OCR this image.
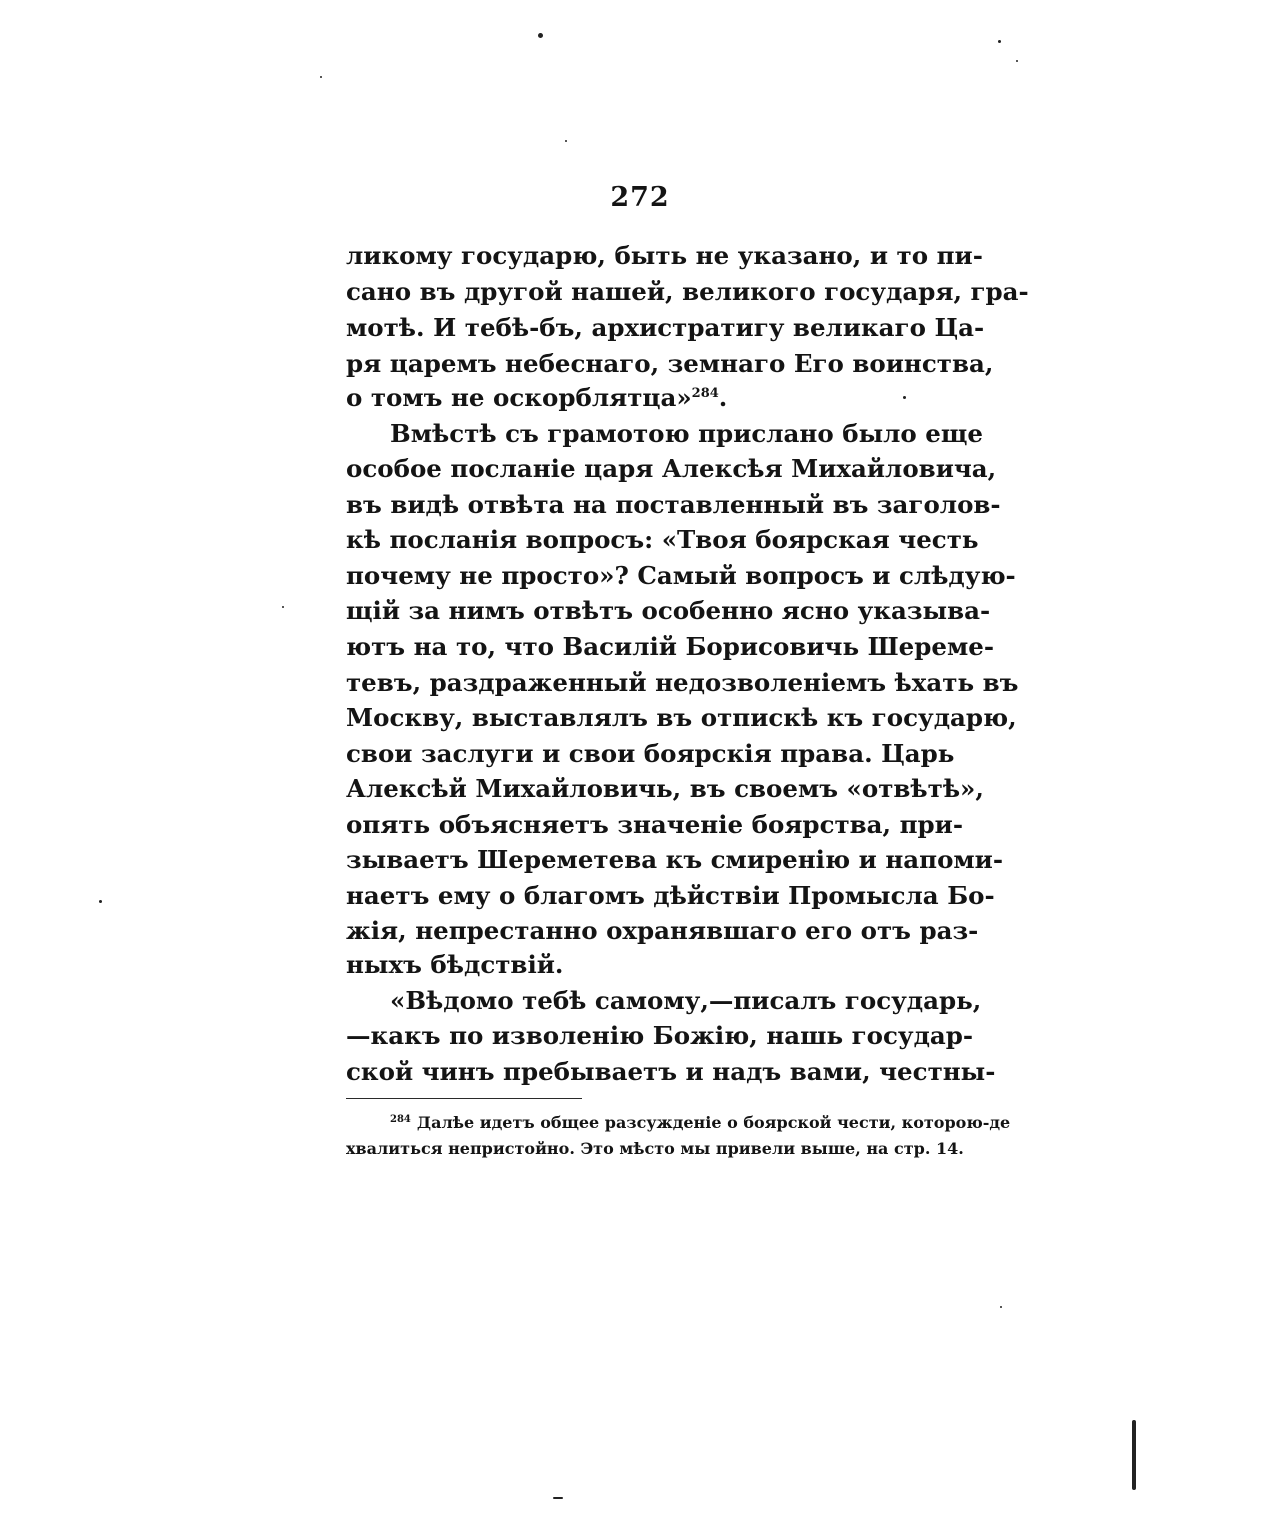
272
ликому государю, быть не указано, и то пи-
сано въ другой нашей, великого государя, гра-
мотѣ. И тебѣ-бъ, архистратигу великаго Ца-
ря царемъ небеснаго, земнаго Его воинства,
о томъ не оскорблятца»$^{284}$.
Вмѣстѣ съ грамотою прислано было еще
особое посланіе царя Алексѣя Михайловича,
въ видѣ отвѣта на поставленный въ заголов-
кѣ посланія вопросъ: «Твоя боярская честь
почему не просто»? Самый вопросъ и слѣдую-
щій за нимъ отвѣтъ особенно ясно указыва-
ютъ на то, что Василій Борисовичь Шереме-
тевъ, раздраженный недозволеніемъ ѣхать въ
Москву, выставлялъ въ отпискѣ къ государю,
свои заслуги и свои боярскія права. Царь
Алексѣй Михайловичь, въ своемъ «отвѣтѣ»,
опять объясняетъ значеніе боярства, при-
зываетъ Шереметева къ смиренію и напоми-
наетъ ему о благомъ дѣйствіи Промысла Бо-
жія, непрестанно охранявшаго его отъ раз-
ныхъ бѣдствій.
«Вѣдомо тебѣ самому,—писалъ государь,
—какъ по изволенію Божію, нашь государ-
ской чинъ пребываетъ и надъ вами, честны-
$^{284}$ Далѣе идетъ общее разсужденіе о боярской чести, которою-де
хвалиться непристойно. Это мѣсто мы привели выше, на стр. 14.
